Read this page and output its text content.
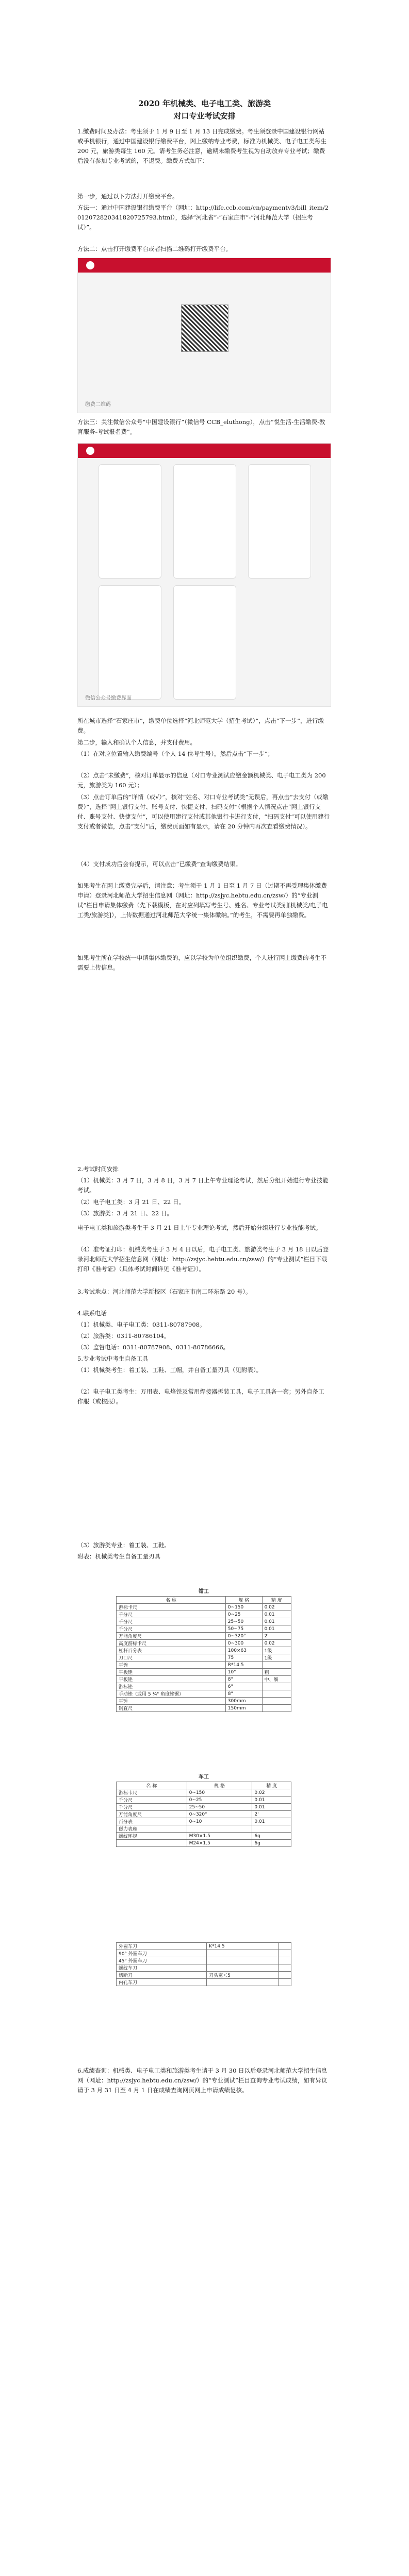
2020 年机械类、电子电工类、旅游类
对口专业考试安排

1.缴费时间及办法：考生须于 1 月 9 日至 1 月 13 日完成缴费。考生须登录中国建设银行网站或手机银行，通过中国建设银行缴费平台，网上缴纳专业考费，标准为机械类、电子电工类每生 200 元，旅游类每生 160 元。请考生务必注意，逾期未缴费考生视为自动放弃专业考试；缴费后没有参加专业考试的，不退费。缴费方式如下：

第一步，通过以下方法打开缴费平台。

方法一：通过中国建设银行缴费平台（网址：http://life.ccb.com/cn/paymentv3/bill_item/20120728203418207257​93.html），选择“河北省”-“石家庄市”-“河北师范大学（招生考试）”。

方法二：点击打开缴费平台或者扫描二维码打开缴费平台。

缴费二维码

方法三：关注微信公众号“中国建设银行”（微信号 CCB_eluthong），点击“悦生活-生活缴费-教育服务-考试报名费”。

微信公众号缴费界面

所在城市选择“石家庄市”，缴费单位选择“河北师范大学（招生考试）”，点击“下一步”，进行缴费。

第二步，输入和确认个人信息，并支付费用。

（1）在对应位置输入缴费编号（个人 14 位考生号），然后点击“下一步”；

（2）点击“未缴费”，核对订单显示的信息（对口专业测试应缴金额机械类、电子电工类为 200 元，旅游类为 160 元）；

（3）点击订单后的“详情（或√）”，核对“姓名、对口专业考试类”无误后，再点击“去支付（或缴费）”，选择“网上银行支付、账号支付、快捷支付、扫码支付”（根据个人情况点击“网上银行支付、账号支付、快捷支付”，可以使用建行支付或其他银行卡进行支付，“扫码支付”可以使用建行支付或者微信，点击“支付”后，缴费页面如有显示，请在 20 分钟内再次查看缴费情况）。

（4）支付成功后会有提示，可以点击“已缴费”查询缴费结果。

如果考生在网上缴费完毕后，请注意：考生须于 1 月 1 日至 1 月 7 日（过期不再受理集体缴费申请）登录河北师范大学招生信息网（网址：http://zsjyc.hebtu.edu.cn/zsw/）的“专业测试”栏目申请集体缴费（先下载模板，在对应列填写考生号、姓名、专业考试类别[机械类/电子电工类/旅游类]），上传数据通过河北师范大学统一集体缴纳。”的考生，不需要再单独缴费。

如果考生所在学校统一申请集体缴费的，应以学校为单位组织缴费，个人进行网上缴费的考生不需要上传信息。

2.考试时间安排

（1）机械类：3 月 7 日，3 月 8 日，3 月 7 日上午专业理论考试，然后分组开始进行专业技能考试。

（2）电子电工类：3 月 21 日、22 日。

（3）旅游类：3 月 21 日、22 日。

电子电工类和旅游类考生于 3 月 21 日上午专业理论考试，然后开始分组进行专业技能考试。

（4）准考证打印：机械类考生于 3 月 4 日以后，电子电工类、旅游类考生于 3 月 18 日以后登录河北师范大学招生信息网（网址：http://zsjyc.hebtu.edu.cn/zsw/）的“专业测试”栏目下载打印《准考证》（具体考试时间详见《准考证》）。

3.考试地点：河北师范大学新校区（石家庄市南二环东路 20 号）。

4.联系电话

（1）机械类、电子电工类：0311-80787908。

（2）旅游类：0311-80786104。

（3）监督电话：0311-80787908、0311-80786666。

5.专业考试中考生自备工具

（1）机械类考生：着工装、工鞋、工帽，并自备工量刃具（见附表）。

（2）电子电工类考生：万用表、电烙铁及常用焊接器拆装工具，电子工具各一套；另外自备工作服（或校服）。

（3）旅游类专业：着工装、工鞋。

附表：机械类考生自备工量刃具

钳工
名 称	规 格	精 度
游标卡尺	0~150	0.02
千分尺	0~25	0.01
千分尺	25~50	0.01
千分尺	50~75	0.01
万能角度尺	0~320°	2'
高度游标卡尺	0~300	0.02
杠杆百分表	100×63	1级
刀口尺	75	1级
平锉	R*14.5	
平板锉	10"	粗
平板锉	8"	中、细
游标锉	6"	
手动锉（或用 5 ¼" 角度锉锯）	8"	
平锤	300mm	
钢直尺	150mm	
车工
名 称	规 格	精 度
游标卡尺	0~150	0.02
千分尺	0~25	0.01
千分尺	25~50	0.01
万能角度尺	0~320°	2'
百分表	0~10	0.01
磁力表座		
螺纹环规	M30×1.5	6g
	M24×1.5	6g
外圆车刀	K*14.5	
90° 外圆车刀		
45° 外圆车刀		
螺纹车刀		
切断刀	刀头宽＜5	
内孔车刀		

6.成绩查询：机械类、电子电工类和旅游类考生请于 3 月 30 日以后登录河北师范大学招生信息网（网址：http://zsjyc.hebtu.edu.cn/zsw/）的“专业测试”栏目查询专业考试成绩，如有异议请于 3 月 31 日至 4 月 1 日在成绩查询网页网上申请成绩复核。
